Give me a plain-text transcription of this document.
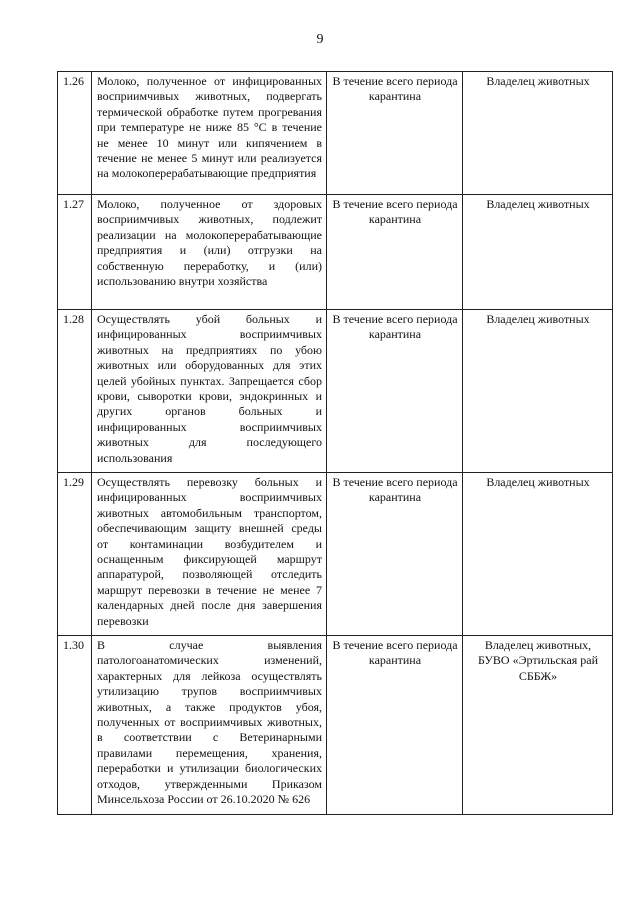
9
1.26	Молоко, полученное от инфицированных восприимчивых животных, подвергать термической обработке путем прогревания при температуре не ниже 85 °С в течение не менее 10 минут или кипячением в течение не менее 5 минут или реализуется на молокоперерабатывающие предприятия	В течение всего периода карантина	Владелец животных
1.27	Молоко, полученное от здоровых восприимчивых животных, подлежит реализации на молокоперерабатывающие предприятия и (или) отгрузки на собственную переработку, и (или) использованию внутри хозяйства	В течение всего периода карантина	Владелец животных
1.28	Осуществлять убой больных и инфицированных восприимчивых животных на предприятиях по убою животных или оборудованных для этих целей убойных пунктах. Запрещается сбор крови, сыворотки крови, эндокринных и других органов больных и инфицированных восприимчивых животных для последующего использования	В течение всего периода карантина	Владелец животных
1.29	Осуществлять перевозку больных и инфицированных восприимчивых животных автомобильным транспортом, обеспечивающим защиту внешней среды от контаминации возбудителем и оснащенным фиксирующей маршрут аппаратурой, позволяющей отследить маршрут перевозки в течение не менее 7 календарных дней после дня завершения перевозки	В течение всего периода карантина	Владелец животных
1.30	В случае выявления патологоанатомических изменений, характерных для лейкоза осуществлять утилизацию трупов восприимчивых животных, а также продуктов убоя, полученных от восприимчивых животных, в соответствии с Ветеринарными правилами перемещения, хранения, переработки и утилизации биологических отходов, утвержденными Приказом Минсельхоза России от 26.10.2020 № 626	В течение всего периода карантина	Владелец животных, БУВО «Эртильская рай СББЖ»
